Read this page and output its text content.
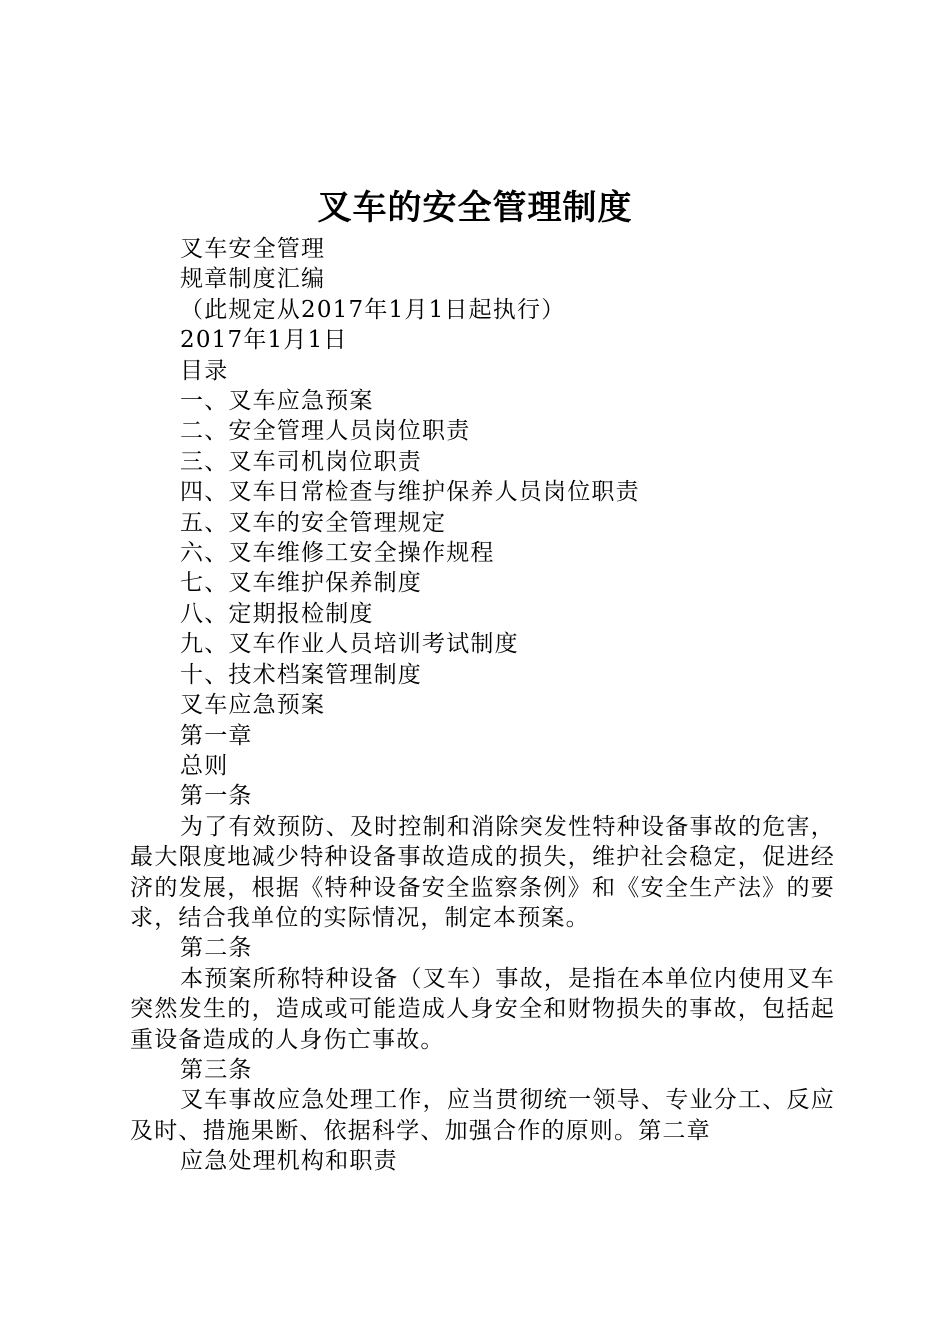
叉车的安全管理制度

叉车安全管理

规章制度汇编

（此规定从2017年1月1日起执行）

2017年1月1日

目录

一、叉车应急预案

二、安全管理人员岗位职责

三、叉车司机岗位职责

四、叉车日常检查与维护保养人员岗位职责

五、叉车的安全管理规定

六、叉车维修工安全操作规程

七、叉车维护保养制度

八、定期报检制度

九、叉车作业人员培训考试制度

十、技术档案管理制度

叉车应急预案

第一章

总则

第一条

为了有效预防、及时控制和消除突发性特种设备事故的危害，最大限度地减少特种设备事故造成的损失，维护社会稳定，促进经济的发展，根据《特种设备安全监察条例》和《安全生产法》的要求，结合我单位的实际情况，制定本预案。

第二条

本预案所称特种设备（叉车）事故，是指在本单位内使用叉车突然发生的，造成或可能造成人身安全和财物损失的事故，包括起重设备造成的人身伤亡事故。

第三条

叉车事故应急处理工作，应当贯彻统一领导、专业分工、反应及时、措施果断、依据科学、加强合作的原则。第二章

应急处理机构和职责
